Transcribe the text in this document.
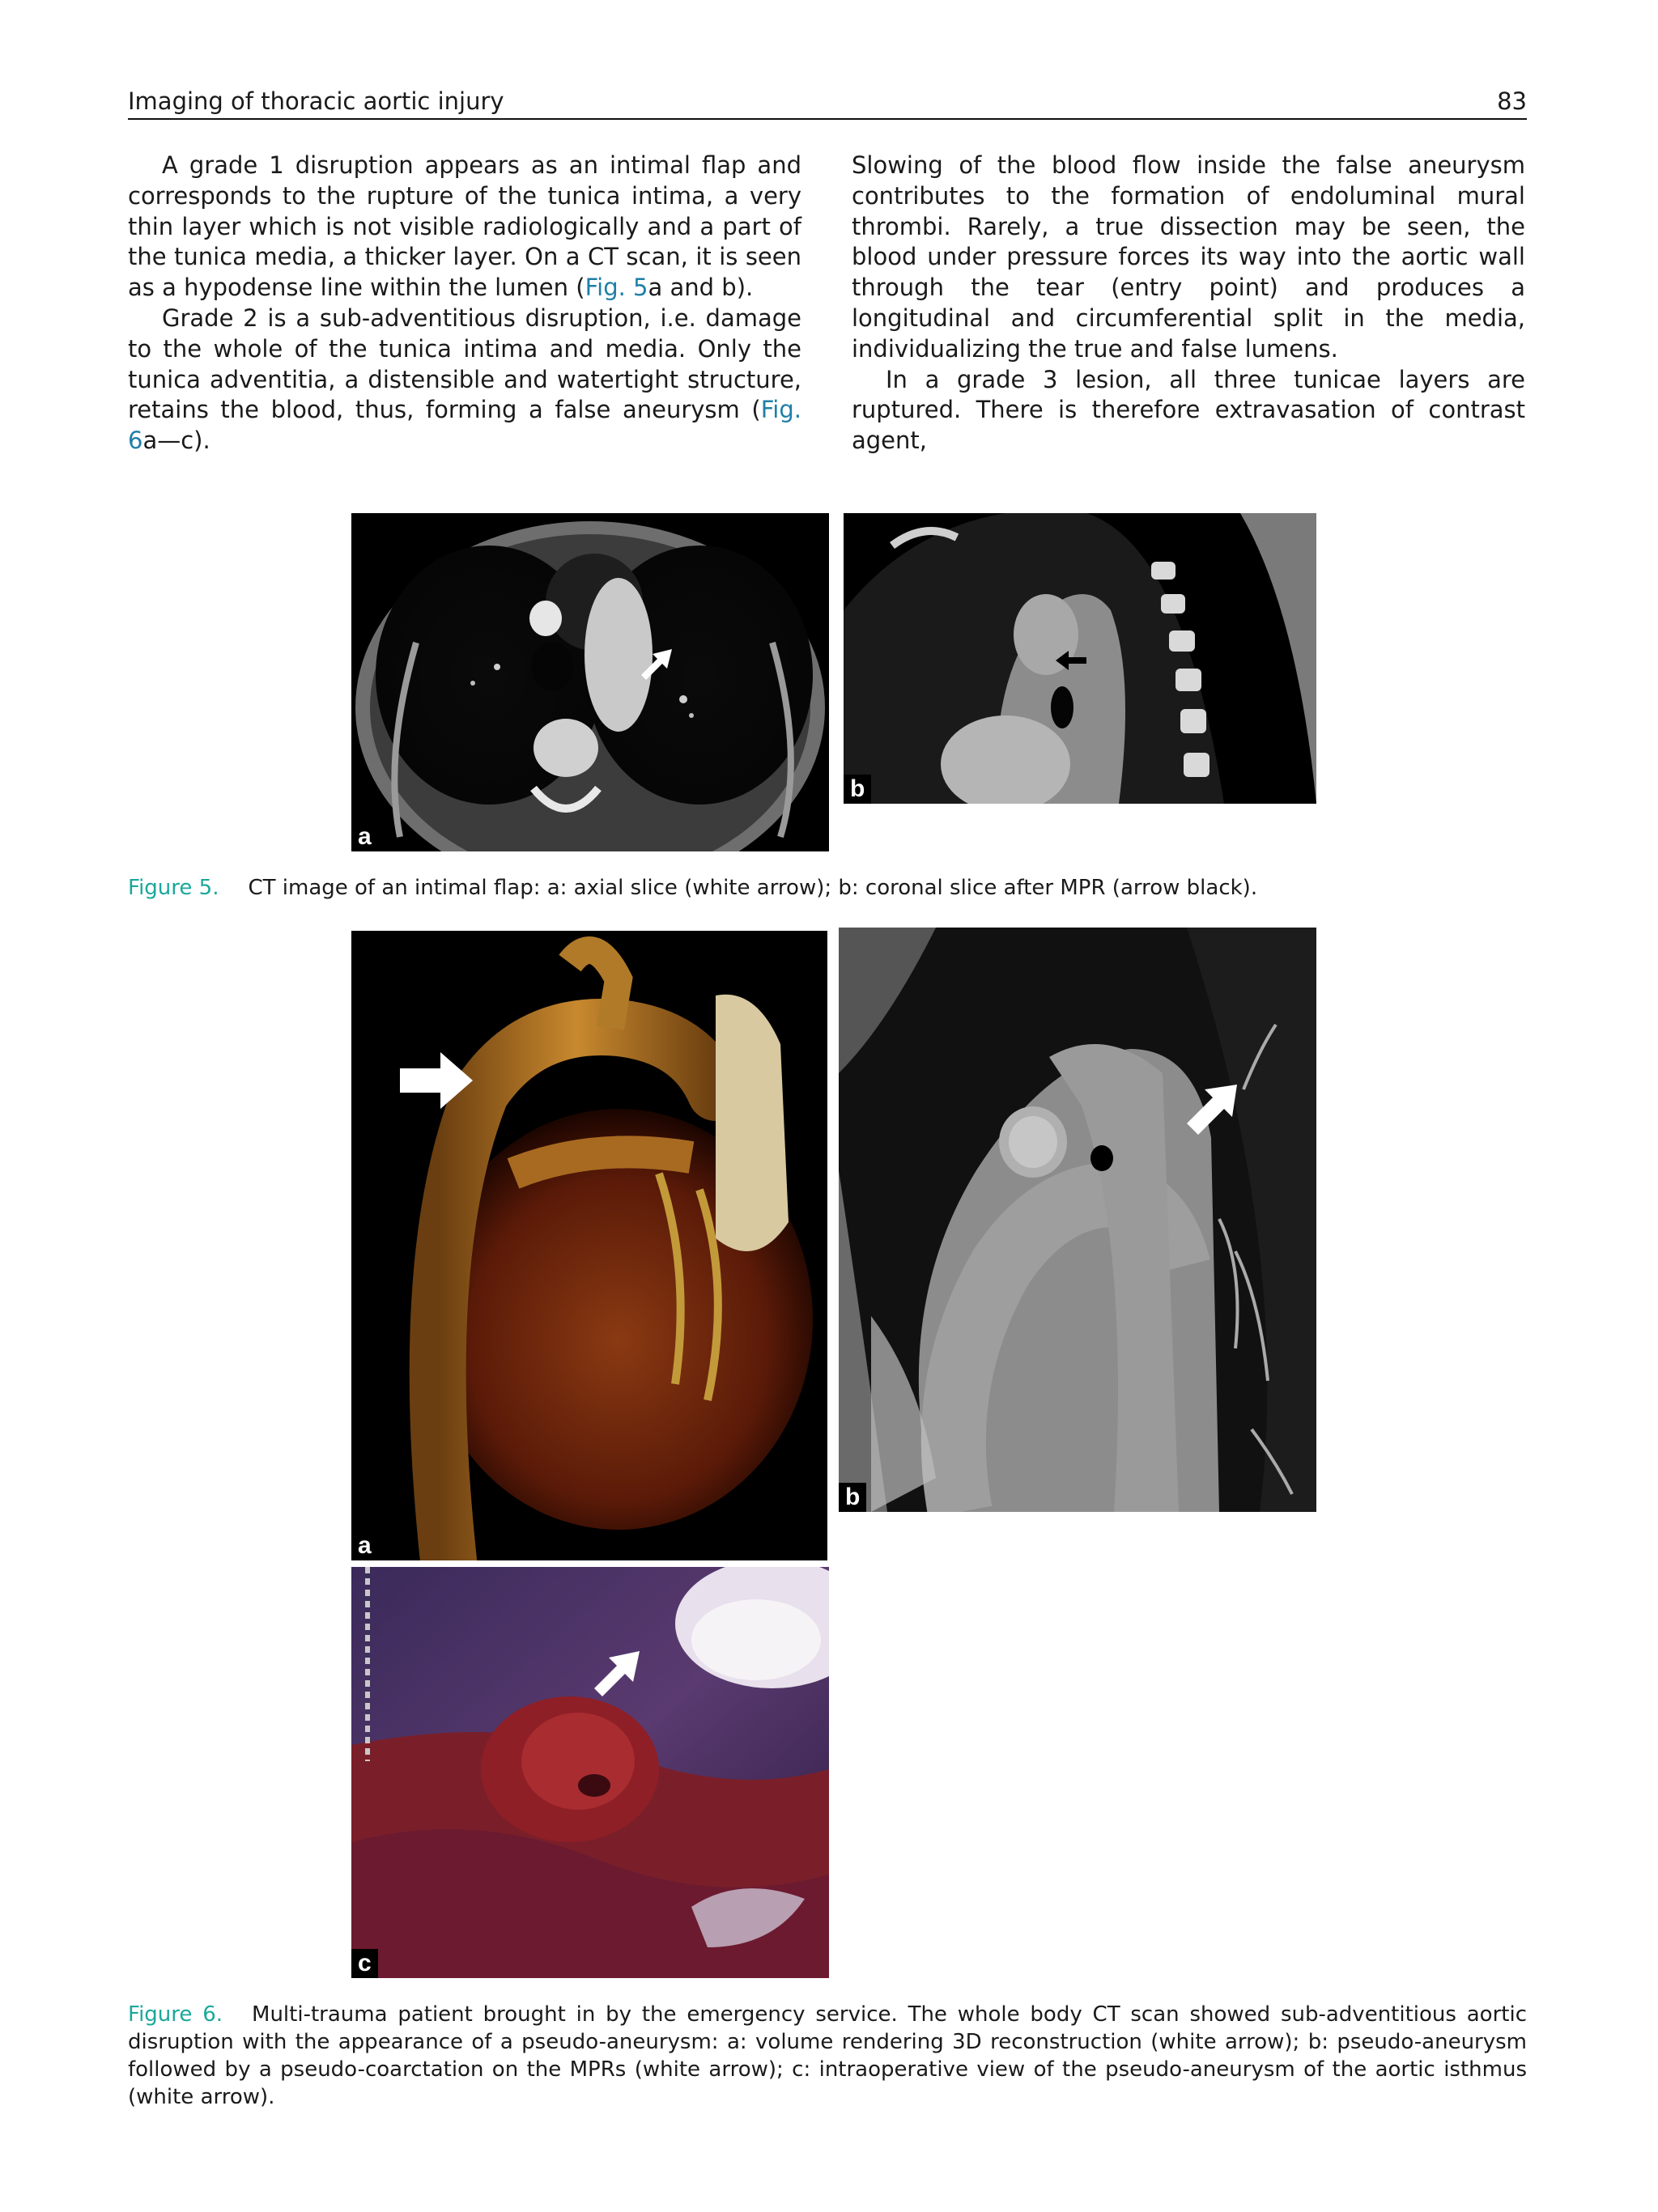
Imaging of thoracic aortic injury	83

A grade 1 disruption appears as an intimal flap and corresponds to the rupture of the tunica intima, a very thin layer which is not visible radiologically and a part of the tunica media, a thicker layer. On a CT scan, it is seen as a hypodense line within the lumen (Fig. 5a and b).

Grade 2 is a sub-adventitious disruption, i.e. damage to the whole of the tunica intima and media. Only the tunica adventitia, a distensible and watertight structure, retains the blood, thus, forming a false aneurysm (Fig. 6a—c).

Slowing of the blood flow inside the false aneurysm contributes to the formation of endoluminal mural thrombi. Rarely, a true dissection may be seen, the blood under pressure forces its way into the aortic wall through the tear (entry point) and produces a longitudinal and circumferential split in the media, individualizing the true and false lumens.

In a grade 3 lesion, all three tunicae layers are ruptured. There is therefore extravasation of contrast agent,

a
b
Figure 5. CT image of an intimal flap: a: axial slice (white arrow); b: coronal slice after MPR (arrow black).
a
b
c
Figure 6. Multi-trauma patient brought in by the emergency service. The whole body CT scan showed sub-adventitious aortic disruption with the appearance of a pseudo-aneurysm: a: volume rendering 3D reconstruction (white arrow); b: pseudo-aneurysm followed by a pseudo-coarctation on the MPRs (white arrow); c: intraoperative view of the pseudo-aneurysm of the aortic isthmus (white arrow).
